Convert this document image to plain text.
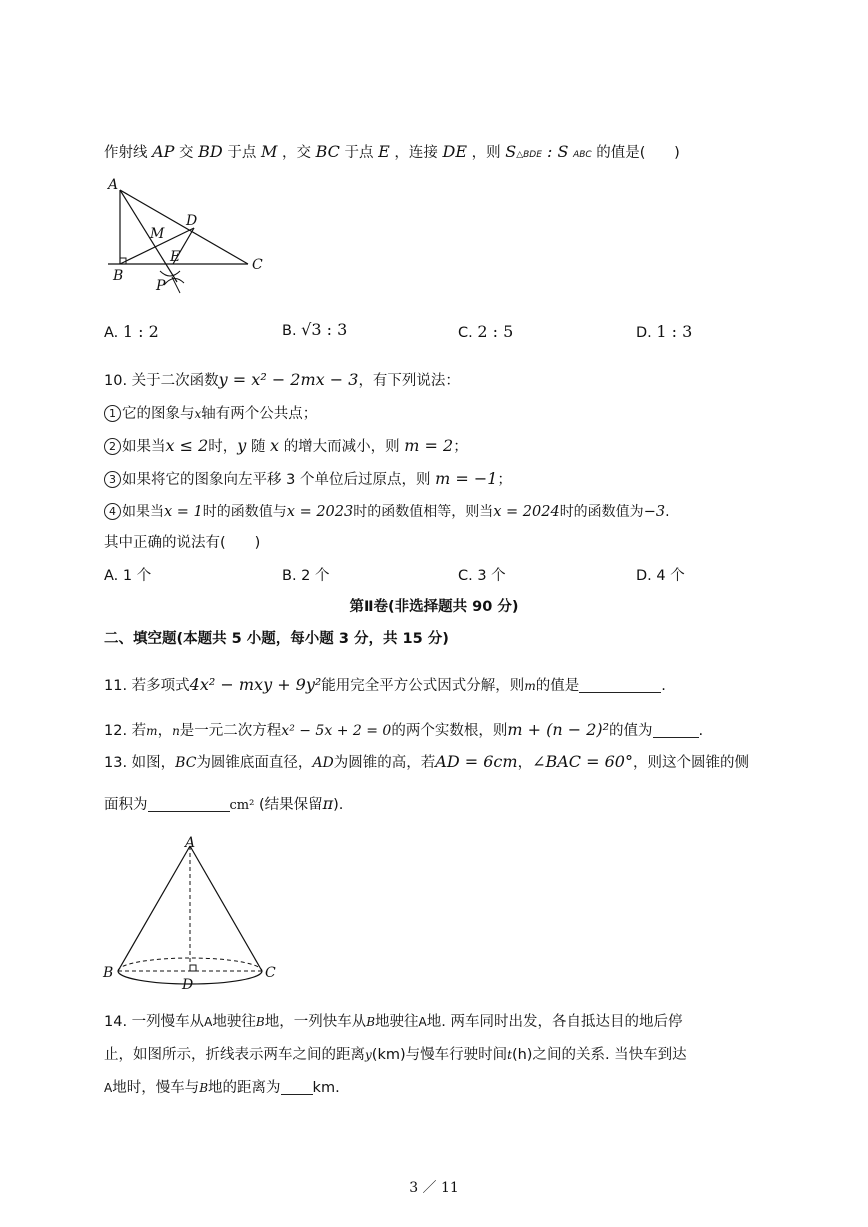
作射线 AP 交 BD 于点 M ，交 BC 于点 E ，连接 DE ，则 S△BDE : S ABC 的值是( )
A
D
M
E
B
C
P
A. 1 : 2	B. √3 : 3	C. 2 : 5	D. 1 : 3
10. 关于二次函数y = x² − 2mx − 3，有下列说法：
1 它的图象与x轴有两个公共点；
2 如果当x ≤ 2时，y 随 x 的增大而减小，则 m = 2；
3 如果将它的图象向左平移 3 个单位后过原点，则 m = −1；
4 如果当x = 1时的函数值与x = 2023时的函数值相等，则当x = 2024时的函数值为−3.
其中正确的说法有(　　)
A. 1 个	B. 2 个	C. 3 个	D. 4 个
第Ⅱ卷(非选择题共 90 分)
二、填空题(本题共 5 小题，每小题 3 分，共 15 分)
11. 若多项式4x² − mxy + 9y²能用完全平方公式因式分解，则m的值是	.
12. 若m，n是一元二次方程x² − 5x + 2 = 0的两个实数根，则m + (n − 2)²的值为	.
13. 如图，BC为圆锥底面直径，AD为圆锥的高，若AD = 6cm，∠BAC = 60°，则这个圆锥的侧
面积为	cm² (结果保留π).
A
B	C
D
14. 一列慢车从A地驶往B地，一列快车从B地驶往A地. 两车同时出发，各自抵达目的地后停
止，如图所示，折线表示两车之间的距离y(km)与慢车行驶时间t(h)之间的关系. 当快车到达
A地时，慢车与B地的距离为 km.
3 ／ 11
